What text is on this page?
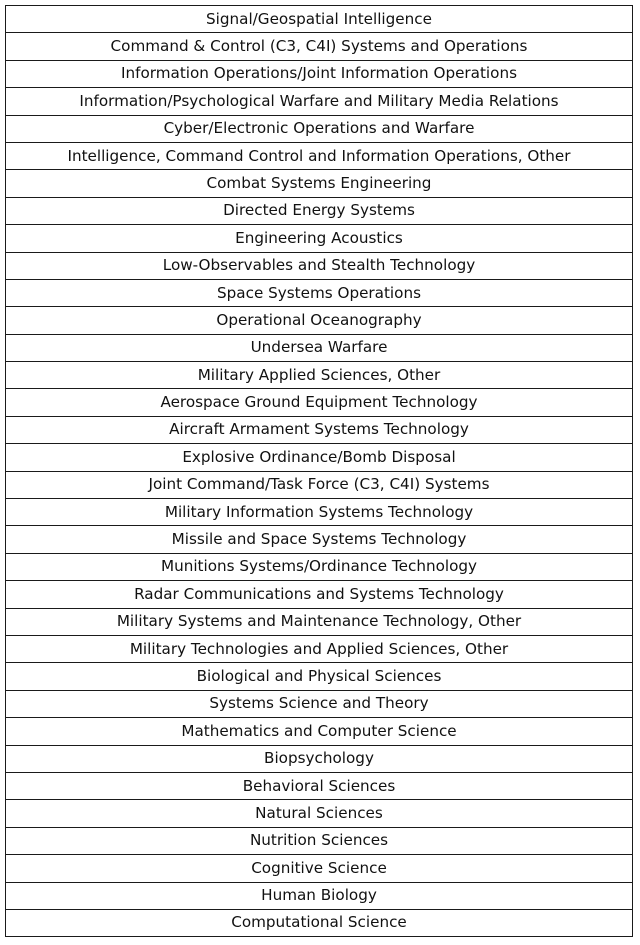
Signal/Geospatial Intelligence
Command & Control (C3, C4I) Systems and Operations
Information Operations/Joint Information Operations
Information/Psychological Warfare and Military Media Relations
Cyber/Electronic Operations and Warfare
Intelligence, Command Control and Information Operations, Other
Combat Systems Engineering
Directed Energy Systems
Engineering Acoustics
Low-Observables and Stealth Technology
Space Systems Operations
Operational Oceanography
Undersea Warfare
Military Applied Sciences, Other
Aerospace Ground Equipment Technology
Aircraft Armament Systems Technology
Explosive Ordinance/Bomb Disposal
Joint Command/Task Force (C3, C4I) Systems
Military Information Systems Technology
Missile and Space Systems Technology
Munitions Systems/Ordinance Technology
Radar Communications and Systems Technology
Military Systems and Maintenance Technology, Other
Military Technologies and Applied Sciences, Other
Biological and Physical Sciences
Systems Science and Theory
Mathematics and Computer Science
Biopsychology
Behavioral Sciences
Natural Sciences
Nutrition Sciences
Cognitive Science
Human Biology
Computational Science
